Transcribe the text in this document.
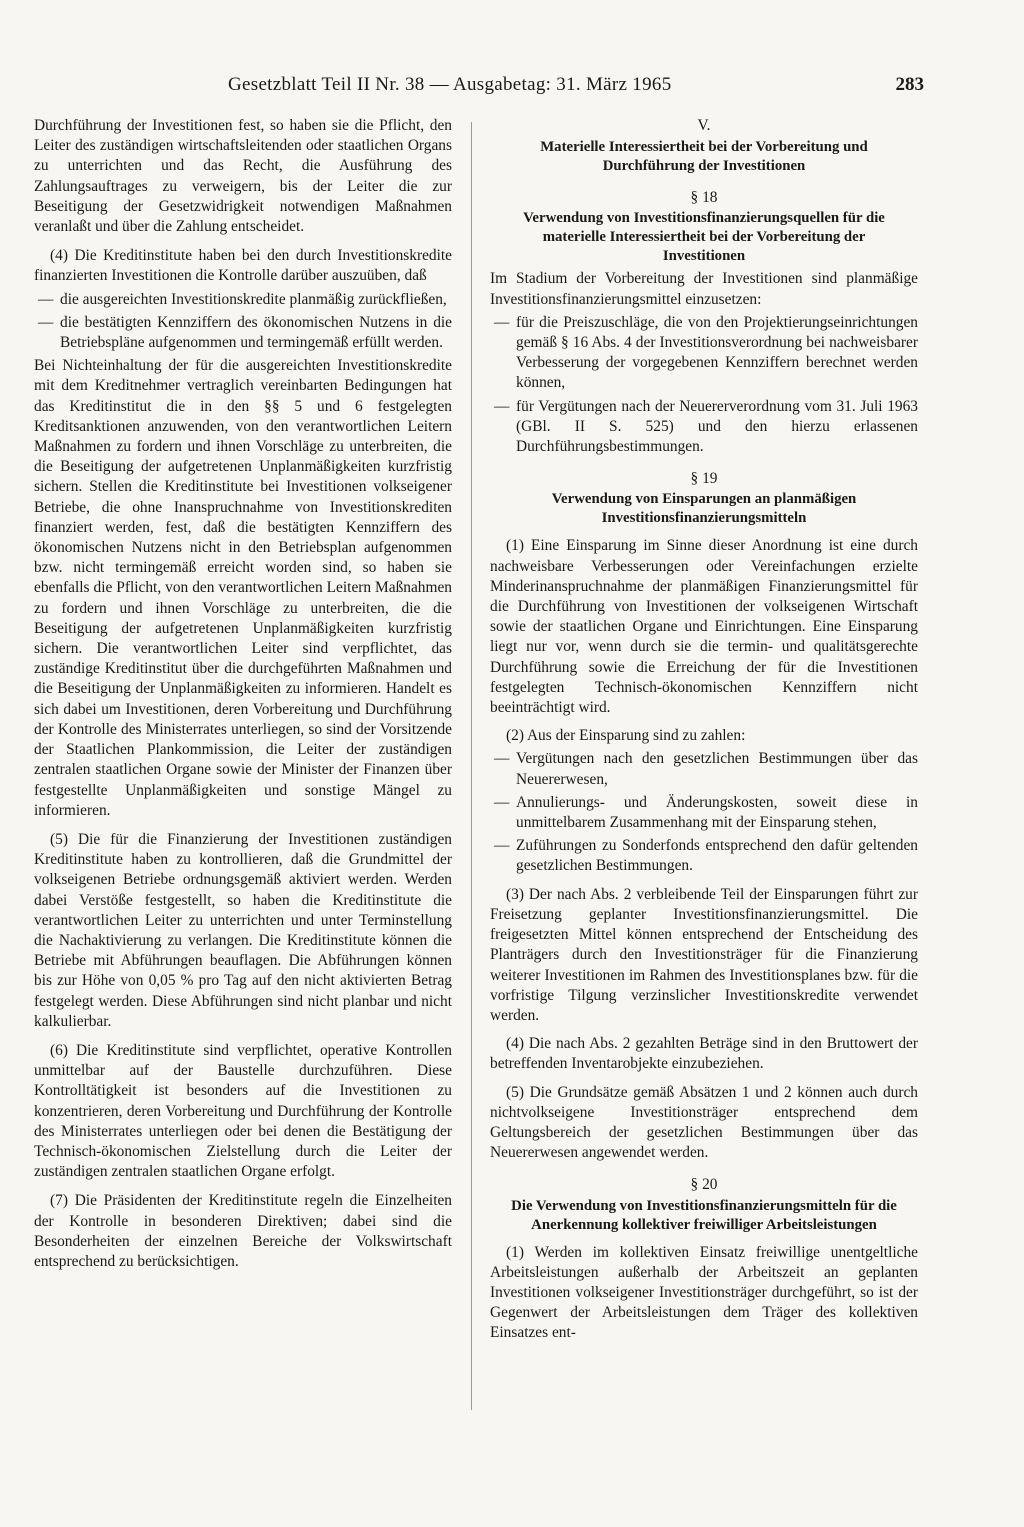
Gesetzblatt Teil II Nr. 38 — Ausgabetag: 31. März 1965	283

Durchführung der Investitionen fest, so haben sie die Pflicht, den Leiter des zuständigen wirtschaftsleitenden oder staatlichen Organs zu unterrichten und das Recht, die Ausführung des Zahlungsauftrages zu verweigern, bis der Leiter die zur Beseitigung der Gesetzwidrigkeit notwendigen Maßnahmen veranlaßt und über die Zahlung entscheidet.

(4) Die Kreditinstitute haben bei den durch Investitionskredite finanzierten Investitionen die Kontrolle darüber auszuüben, daß

— die ausgereichten Investitionskredite planmäßig zurückfließen,
— die bestätigten Kennziffern des ökonomischen Nutzens in die Betriebspläne aufgenommen und termingemäß erfüllt werden.

Bei Nichteinhaltung der für die ausgereichten Investitionskredite mit dem Kreditnehmer vertraglich vereinbarten Bedingungen hat das Kreditinstitut die in den §§ 5 und 6 festgelegten Kreditsanktionen anzuwenden, von den verantwortlichen Leitern Maßnahmen zu fordern und ihnen Vorschläge zu unterbreiten, die die Beseitigung der aufgetretenen Unplanmäßigkeiten kurzfristig sichern. Stellen die Kreditinstitute bei Investitionen volkseigener Betriebe, die ohne Inanspruchnahme von Investitionskrediten finanziert werden, fest, daß die bestätigten Kennziffern des ökonomischen Nutzens nicht in den Betriebsplan aufgenommen bzw. nicht termingemäß erreicht worden sind, so haben sie ebenfalls die Pflicht, von den verantwortlichen Leitern Maßnahmen zu fordern und ihnen Vorschläge zu unterbreiten, die die Beseitigung der aufgetretenen Unplanmäßigkeiten kurzfristig sichern. Die verantwortlichen Leiter sind verpflichtet, das zuständige Kreditinstitut über die durchgeführten Maßnahmen und die Beseitigung der Unplanmäßigkeiten zu informieren. Handelt es sich dabei um Investitionen, deren Vorbereitung und Durchführung der Kontrolle des Ministerrates unterliegen, so sind der Vorsitzende der Staatlichen Plankommission, die Leiter der zuständigen zentralen staatlichen Organe sowie der Minister der Finanzen über festgestellte Unplanmäßigkeiten und sonstige Mängel zu informieren.

(5) Die für die Finanzierung der Investitionen zuständigen Kreditinstitute haben zu kontrollieren, daß die Grundmittel der volkseigenen Betriebe ordnungsgemäß aktiviert werden. Werden dabei Verstöße festgestellt, so haben die Kreditinstitute die verantwortlichen Leiter zu unterrichten und unter Terminstellung die Nachaktivierung zu verlangen. Die Kreditinstitute können die Betriebe mit Abführungen beauflagen. Die Abführungen können bis zur Höhe von 0,05 % pro Tag auf den nicht aktivierten Betrag festgelegt werden. Diese Abführungen sind nicht planbar und nicht kalkulierbar.

(6) Die Kreditinstitute sind verpflichtet, operative Kontrollen unmittelbar auf der Baustelle durchzuführen. Diese Kontrolltätigkeit ist besonders auf die Investitionen zu konzentrieren, deren Vorbereitung und Durchführung der Kontrolle des Ministerrates unterliegen oder bei denen die Bestätigung der Technisch-ökonomischen Zielstellung durch die Leiter der zuständigen zentralen staatlichen Organe erfolgt.

(7) Die Präsidenten der Kreditinstitute regeln die Einzelheiten der Kontrolle in besonderen Direktiven; dabei sind die Besonderheiten der einzelnen Bereiche der Volkswirtschaft entsprechend zu berücksichtigen.

V.

Materielle Interessiertheit bei der Vorbereitung und Durchführung der Investitionen

§ 18

Verwendung von Investitionsfinanzierungsquellen für die materielle Interessiertheit bei der Vorbereitung der Investitionen

Im Stadium der Vorbereitung der Investitionen sind planmäßige Investitionsfinanzierungsmittel einzusetzen:

— für die Preiszuschläge, die von den Projektierungseinrichtungen gemäß § 16 Abs. 4 der Investitionsverordnung bei nachweisbarer Verbesserung der vorgegebenen Kennziffern berechnet werden können,
— für Vergütungen nach der Neuererverordnung vom 31. Juli 1963 (GBl. II S. 525) und den hierzu erlassenen Durchführungsbestimmungen.

§ 19

Verwendung von Einsparungen an planmäßigen Investitionsfinanzierungsmitteln

(1) Eine Einsparung im Sinne dieser Anordnung ist eine durch nachweisbare Verbesserungen oder Vereinfachungen erzielte Minderinanspruchnahme der planmäßigen Finanzierungsmittel für die Durchführung von Investitionen der volkseigenen Wirtschaft sowie der staatlichen Organe und Einrichtungen. Eine Einsparung liegt nur vor, wenn durch sie die termin- und qualitätsgerechte Durchführung sowie die Erreichung der für die Investitionen festgelegten Technisch-ökonomischen Kennziffern nicht beeinträchtigt wird.

(2) Aus der Einsparung sind zu zahlen:

— Vergütungen nach den gesetzlichen Bestimmungen über das Neuererwesen,
— Annulierungs- und Änderungskosten, soweit diese in unmittelbarem Zusammenhang mit der Einsparung stehen,
— Zuführungen zu Sonderfonds entsprechend den dafür geltenden gesetzlichen Bestimmungen.

(3) Der nach Abs. 2 verbleibende Teil der Einsparungen führt zur Freisetzung geplanter Investitionsfinanzierungsmittel. Die freigesetzten Mittel können entsprechend der Entscheidung des Planträgers durch den Investitionsträger für die Finanzierung weiterer Investitionen im Rahmen des Investitionsplanes bzw. für die vorfristige Tilgung verzinslicher Investitionskredite verwendet werden.

(4) Die nach Abs. 2 gezahlten Beträge sind in den Bruttowert der betreffenden Inventarobjekte einzubeziehen.

(5) Die Grundsätze gemäß Absätzen 1 und 2 können auch durch nichtvolkseigene Investitionsträger entsprechend dem Geltungsbereich der gesetzlichen Bestimmungen über das Neuererwesen angewendet werden.

§ 20

Die Verwendung von Investitionsfinanzierungsmitteln für die Anerkennung kollektiver freiwilliger Arbeitsleistungen

(1) Werden im kollektiven Einsatz freiwillige unentgeltliche Arbeitsleistungen außerhalb der Arbeitszeit an geplanten Investitionen volkseigener Investitionsträger durchgeführt, so ist der Gegenwert der Arbeitsleistungen dem Träger des kollektiven Einsatzes ent-
